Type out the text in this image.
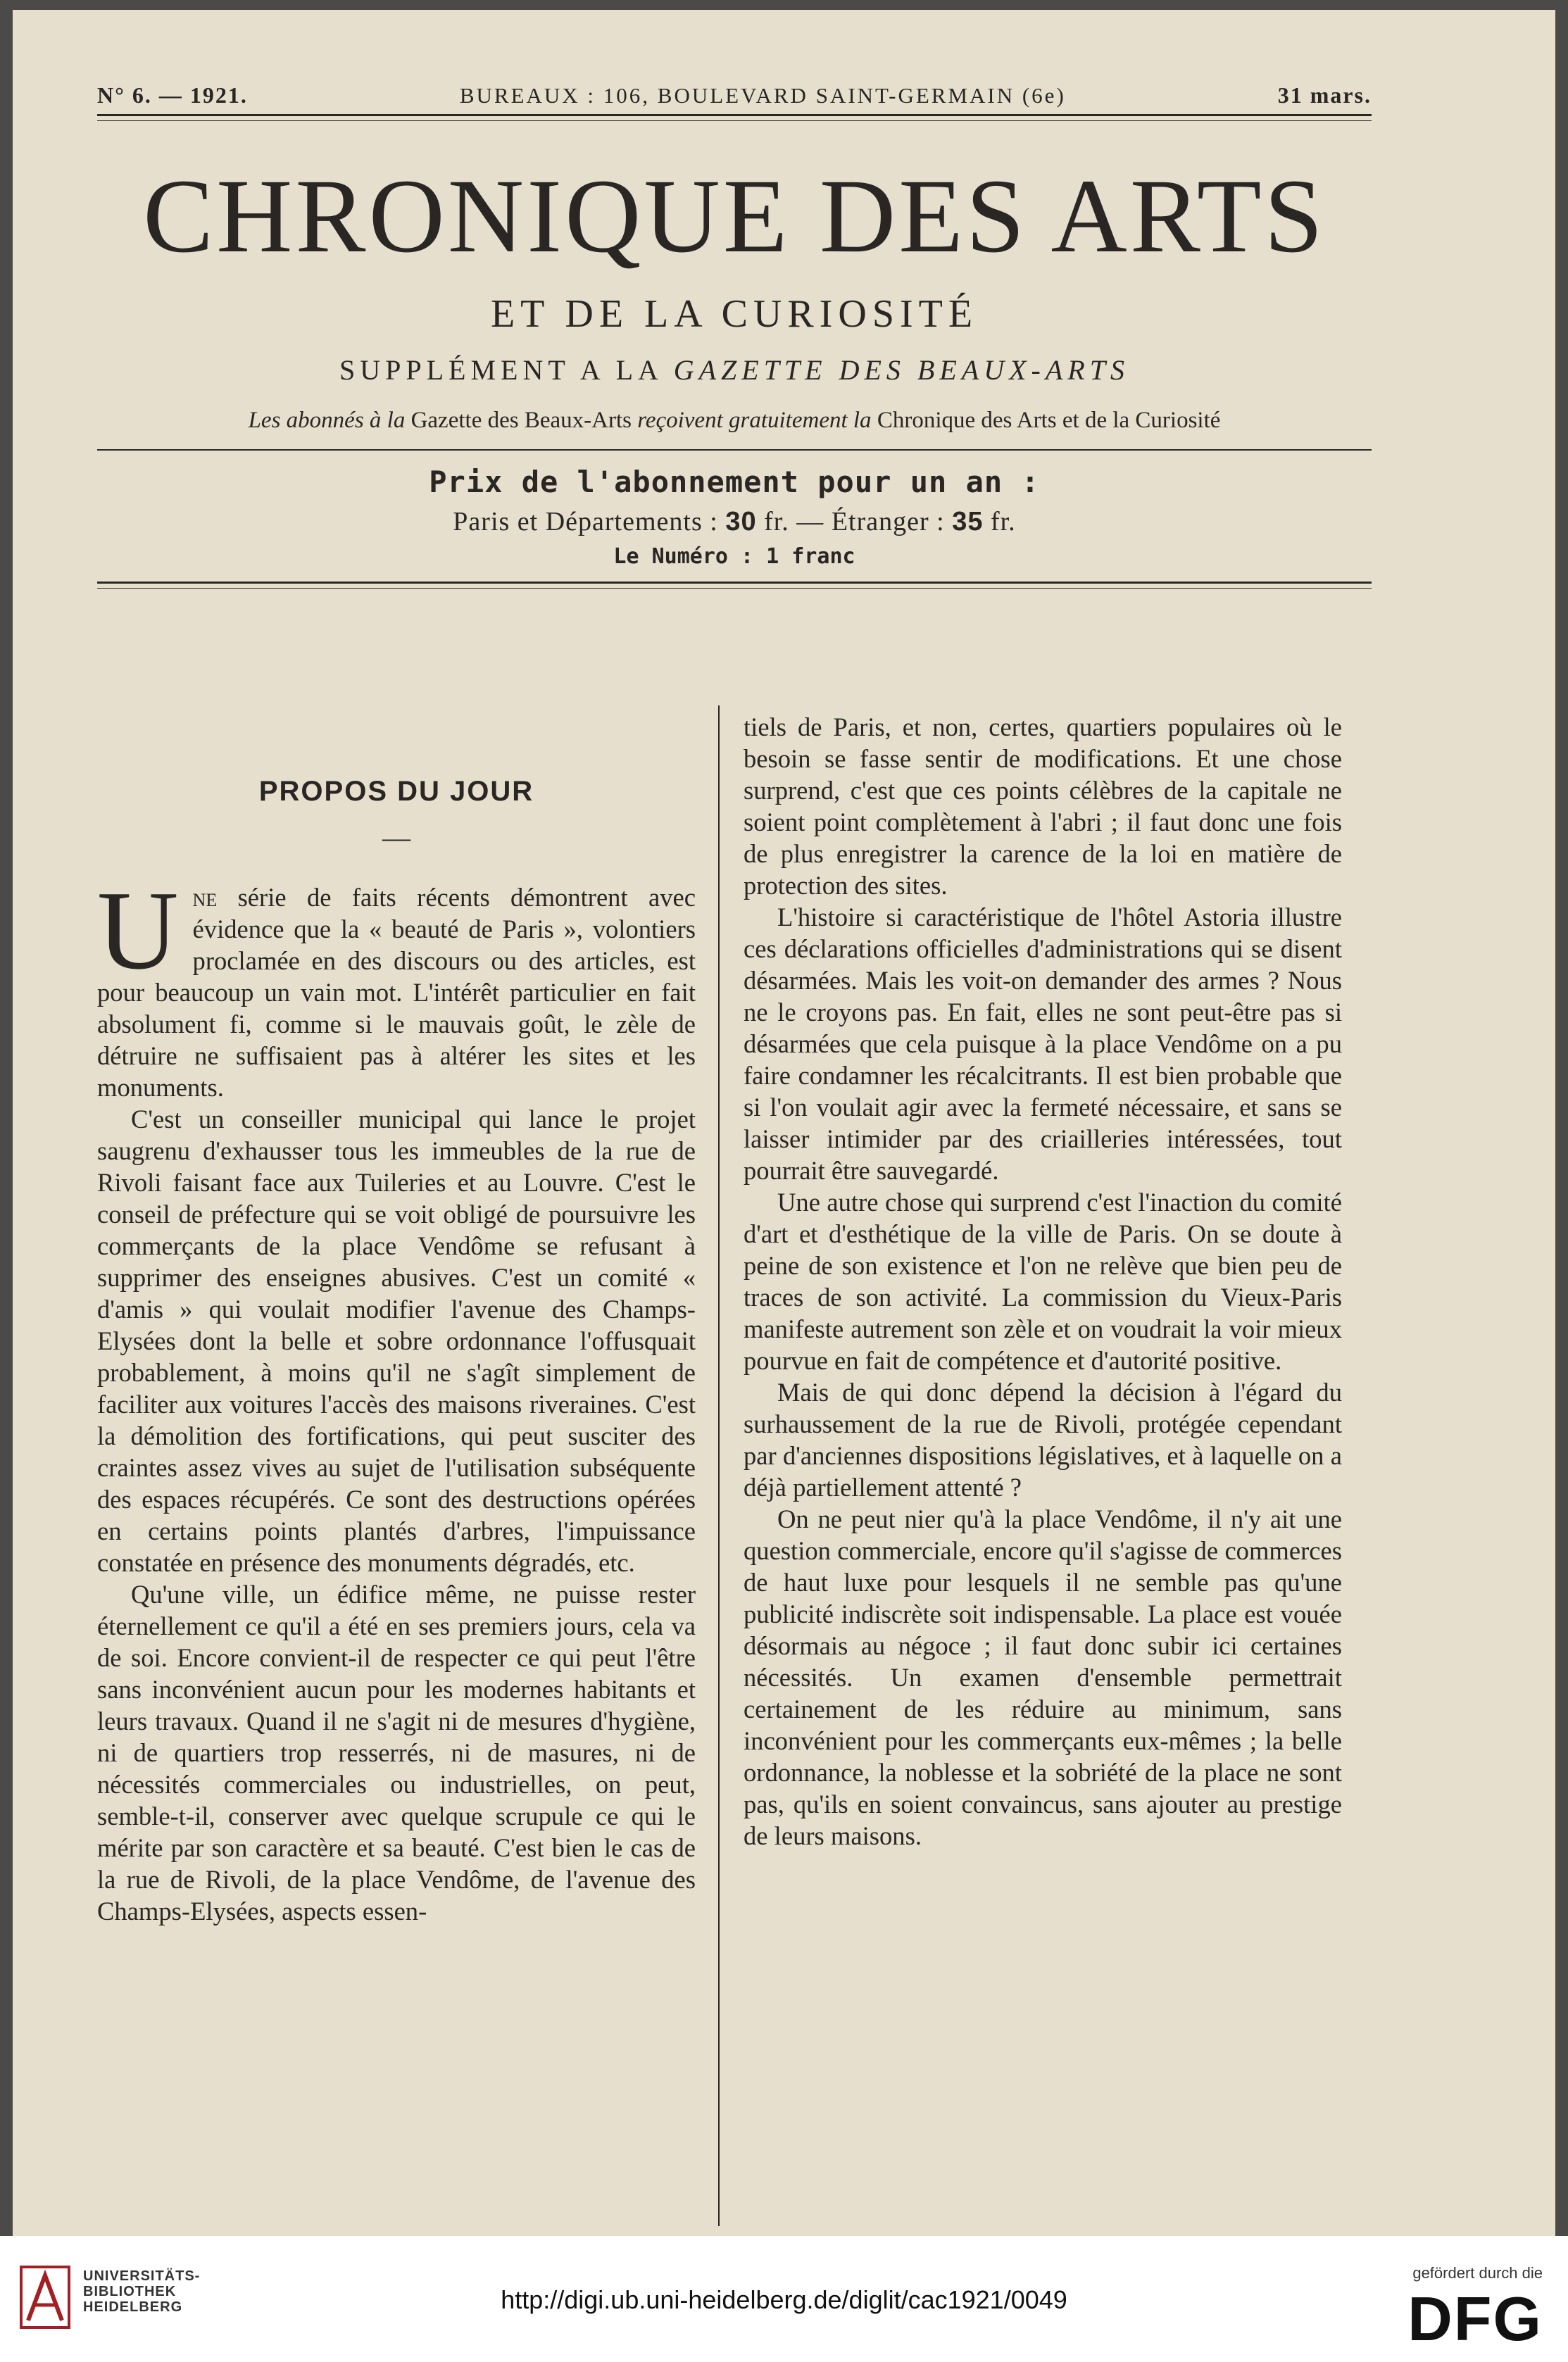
N° 6. — 1921.	BUREAUX : 106, BOULEVARD SAINT-GERMAIN (6e)	31 mars.
CHRONIQUE DES ARTS
ET DE LA CURIOSITÉ
SUPPLÉMENT A LA GAZETTE DES BEAUX-ARTS
Les abonnés à la Gazette des Beaux-Arts reçoivent gratuitement la Chronique des Arts et de la Curiosité
Prix de l'abonnement pour un an :
Paris et Départements : 30 fr. — Étranger : 35 fr.
Le Numéro : 1 franc
PROPOS DU JOUR
—

Une série de faits récents démontrent avec évidence que la « beauté de Paris », volontiers proclamée en des discours ou des articles, est pour beaucoup un vain mot. L'intérêt particulier en fait absolument fi, comme si le mauvais goût, le zèle de détruire ne suffisaient pas à altérer les sites et les monuments.

C'est un conseiller municipal qui lance le projet saugrenu d'exhausser tous les immeubles de la rue de Rivoli faisant face aux Tuileries et au Louvre. C'est le conseil de préfecture qui se voit obligé de poursuivre les commerçants de la place Vendôme se refusant à supprimer des enseignes abusives. C'est un comité « d'amis » qui voulait modifier l'avenue des Champs-Elysées dont la belle et sobre ordonnance l'offusquait probablement, à moins qu'il ne s'agît simplement de faciliter aux voitures l'accès des maisons riveraines. C'est la démolition des fortifications, qui peut susciter des craintes assez vives au sujet de l'utilisation subséquente des espaces récupérés. Ce sont des destructions opérées en certains points plantés d'arbres, l'impuissance constatée en présence des monuments dégradés, etc.

Qu'une ville, un édifice même, ne puisse rester éternellement ce qu'il a été en ses premiers jours, cela va de soi. Encore convient-il de respecter ce qui peut l'être sans inconvénient aucun pour les modernes habitants et leurs travaux. Quand il ne s'agit ni de mesures d'hygiène, ni de quartiers trop resserrés, ni de masures, ni de nécessités commerciales ou industrielles, on peut, semble-t-il, conserver avec quelque scrupule ce qui le mérite par son caractère et sa beauté. C'est bien le cas de la rue de Rivoli, de la place Vendôme, de l'avenue des Champs-Elysées, aspects essen-

tiels de Paris, et non, certes, quartiers populaires où le besoin se fasse sentir de modifications. Et une chose surprend, c'est que ces points célèbres de la capitale ne soient point complètement à l'abri ; il faut donc une fois de plus enregistrer la carence de la loi en matière de protection des sites.

L'histoire si caractéristique de l'hôtel Astoria illustre ces déclarations officielles d'administrations qui se disent désarmées. Mais les voit-on demander des armes ? Nous ne le croyons pas. En fait, elles ne sont peut-être pas si désarmées que cela puisque à la place Vendôme on a pu faire condamner les récalcitrants. Il est bien probable que si l'on voulait agir avec la fermeté nécessaire, et sans se laisser intimider par des criailleries intéressées, tout pourrait être sauvegardé.

Une autre chose qui surprend c'est l'inaction du comité d'art et d'esthétique de la ville de Paris. On se doute à peine de son existence et l'on ne relève que bien peu de traces de son activité. La commission du Vieux-Paris manifeste autrement son zèle et on voudrait la voir mieux pourvue en fait de compétence et d'autorité positive.

Mais de qui donc dépend la décision à l'égard du surhaussement de la rue de Rivoli, protégée cependant par d'anciennes dispositions législatives, et à laquelle on a déjà partiellement attenté ?

On ne peut nier qu'à la place Vendôme, il n'y ait une question commerciale, encore qu'il s'agisse de commerces de haut luxe pour lesquels il ne semble pas qu'une publicité indiscrète soit indispensable. La place est vouée désormais au négoce ; il faut donc subir ici certaines nécessités. Un examen d'ensemble permettrait certainement de les réduire au minimum, sans inconvénient pour les commerçants eux-mêmes ; la belle ordonnance, la noblesse et la sobriété de la place ne sont pas, qu'ils en soient convaincus, sans ajouter au prestige de leurs maisons.

UNIVERSITÄTS-
BIBLIOTHEK
HEIDELBERG	http://digi.ub.uni-heidelberg.de/diglit/cac1921/0049
gefördert durch die
DFG
